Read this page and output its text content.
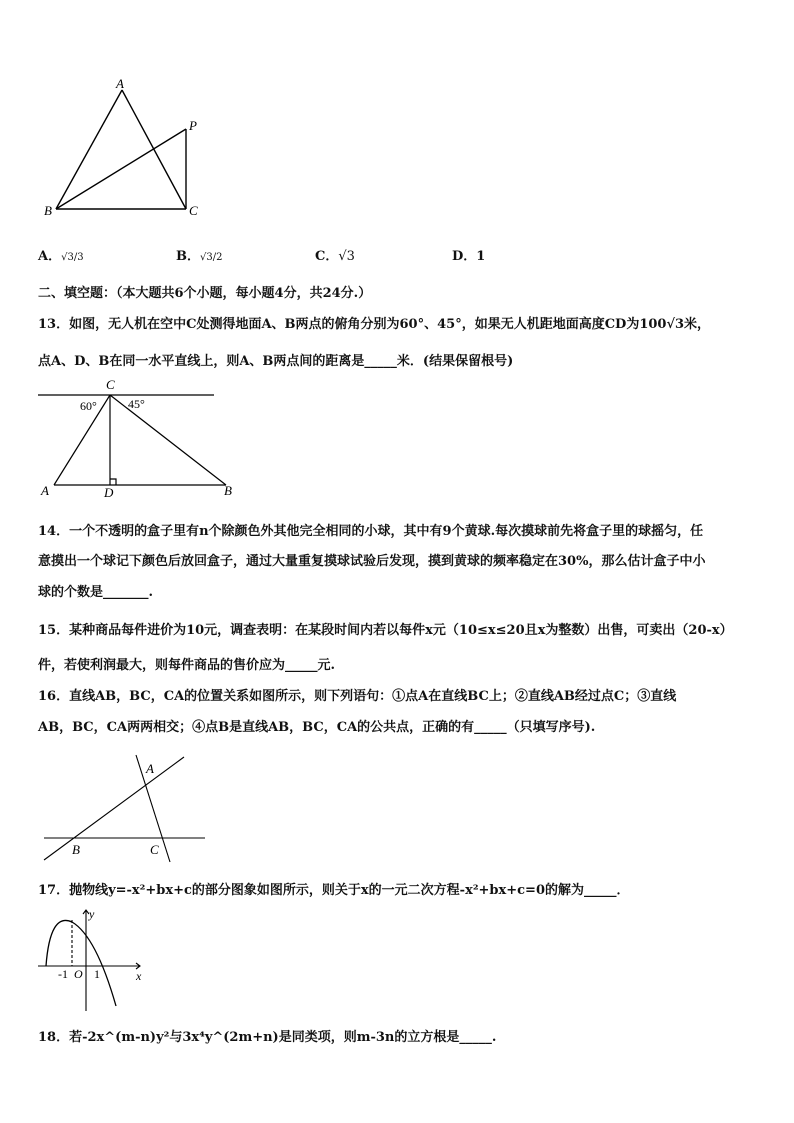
A
P
B	C
A．√3/3	B．√3/2	C．√3	D．1
二、填空题：（本大题共6个小题，每小题4分，共24分.）
13．如图，无人机在空中C处测得地面A、B两点的俯角分别为60°、45°，如果无人机距地面高度CD为100√3米，
点A、D、B在同一水平直线上，则A、B两点间的距离是_____米．(结果保留根号)
C
60°	45°
A	D	B
14．一个不透明的盒子里有n个除颜色外其他完全相同的小球，其中有9个黄球.每次摸球前先将盒子里的球摇匀，任
意摸出一个球记下颜色后放回盒子，通过大量重复摸球试验后发现，摸到黄球的频率稳定在30%，那么估计盒子中小
球的个数是_______.
15．某种商品每件进价为10元，调查表明：在某段时间内若以每件x元（10≤x≤20且x为整数）出售，可卖出（20-x）
件，若使利润最大，则每件商品的售价应为_____元.
16．直线AB，BC，CA的位置关系如图所示，则下列语句：①点A在直线BC上；②直线AB经过点C；③直线
AB，BC，CA两两相交；④点B是直线AB，BC，CA的公共点，正确的有_____（只填写序号).
A
B	C
17．抛物线y=-x²+bx+c的部分图象如图所示，则关于x的一元二次方程-x²+bx+c=0的解为_____．
y
x
O
-1 1
18．若-2x^(m-n)y²与3x⁴y^(2m+n)是同类项，则m-3n的立方根是_____.
